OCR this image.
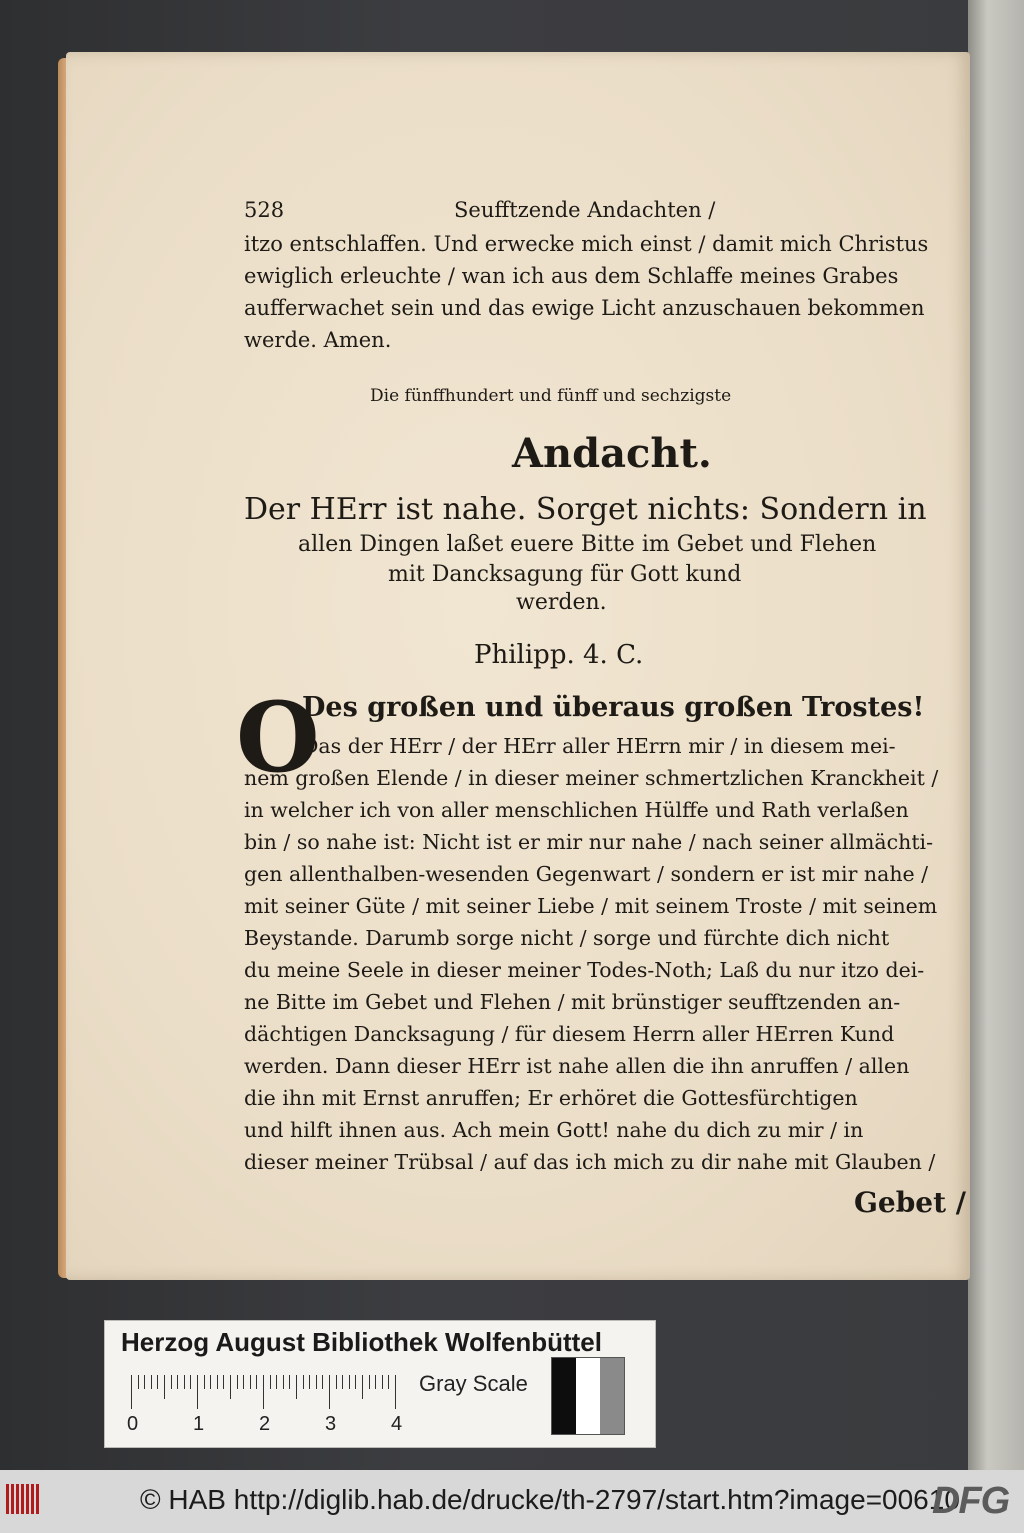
528	Seufftzende Andachten /
itzo entschlaffen. Und erwecke mich einst / damit mich Christus
ewiglich erleuchte / wan ich aus dem Schlaffe meines Grabes
aufferwachet sein und das ewige Licht anzuschauen bekommen
werde. Amen.
Die fünffhundert und fünff und sechzigste
Andacht.
Der HErr ist nahe. Sorget nichts: Sondern in
allen Dingen laßet euere Bitte im Gebet und Flehen
mit Dancksagung für Gott kund
werden.
Philipp. 4. C.
O
Des großen und überaus großen Trostes!
Das der HErr / der HErr aller HErrn mir / in diesem mei-
nem großen Elende / in dieser meiner schmertzlichen Kranckheit /
in welcher ich von aller menschlichen Hülffe und Rath verlaßen
bin / so nahe ist: Nicht ist er mir nur nahe / nach seiner allmächti-
gen allenthalben-wesenden Gegenwart / sondern er ist mir nahe /
mit seiner Güte / mit seiner Liebe / mit seinem Troste / mit seinem
Beystande. Darumb sorge nicht / sorge und fürchte dich nicht
du meine Seele in dieser meiner Todes-Noth; Laß du nur itzo dei-
ne Bitte im Gebet und Flehen / mit brünstiger seufftzenden an-
dächtigen Dancksagung / für diesem Herrn aller HErren Kund
werden. Dann dieser HErr ist nahe allen die ihn anruffen / allen
die ihn mit Ernst anruffen; Er erhöret die Gottesfürchtigen
und hilft ihnen aus. Ach mein Gott! nahe du dich zu mir / in
dieser meiner Trübsal / auf das ich mich zu dir nahe mit Glauben /
Gebet /
Herzog August Bibliothek Wolfenbüttel
0	1	2	3	4
Gray Scale
© HAB http://diglib.hab.de/drucke/th-2797/start.htm?image=00610
DFG
